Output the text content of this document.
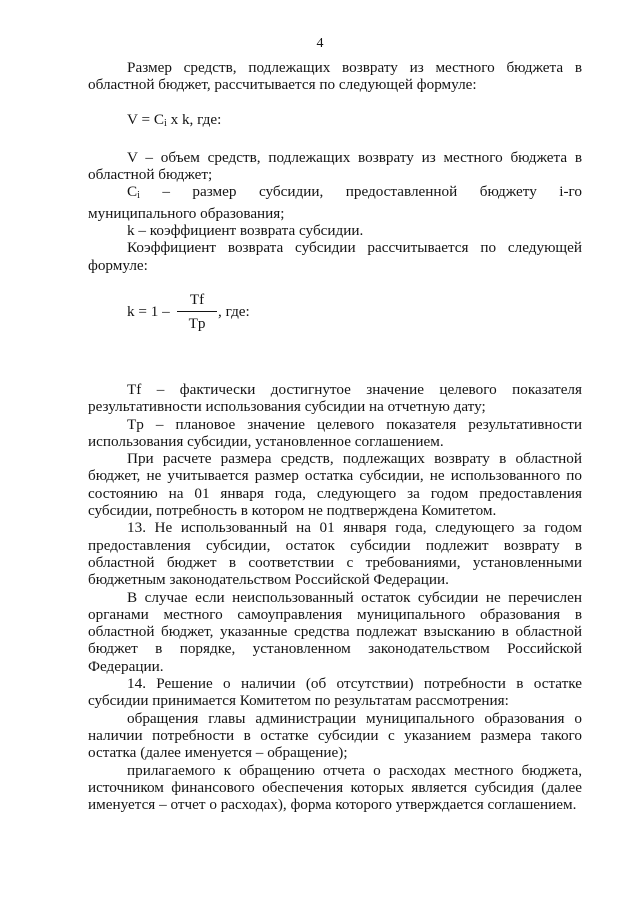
4

Размер средств, подлежащих возврату из местного бюджета в областной бюджет, рассчитывается по следующей формуле:

$V = C_i$ x k, где:

V – объем средств, подлежащих возврату из местного бюджета в областной бюджет;

$C_i$ – размер субсидии, предоставленной бюджету i-го муниципального образования;

k – коэффициент возврата субсидии.

Коэффициент возврата субсидии рассчитывается по следующей формуле:

k = 1 –
Tf
Tp
, где:

Tf – фактически достигнутое значение целевого показателя результативности использования субсидии на отчетную дату;

Tp – плановое значение целевого показателя результативности использования субсидии, установленное соглашением.

При расчете размера средств, подлежащих возврату в областной бюджет, не учитывается размер остатка субсидии, не использованного по состоянию на 01 января года, следующего за годом предоставления субсидии, потребность в котором не подтверждена Комитетом.

13. Не использованный на 01 января года, следующего за годом предоставления субсидии, остаток субсидии подлежит возврату в областной бюджет в соответствии с требованиями, установленными бюджетным законодательством Российской Федерации.

В случае если неиспользованный остаток субсидии не перечислен органами местного самоуправления муниципального образования в областной бюджет, указанные средства подлежат взысканию в областной бюджет в порядке, установленном законодательством Российской Федерации.

14. Решение о наличии (об отсутствии) потребности в остатке субсидии принимается Комитетом по результатам рассмотрения:

обращения главы администрации муниципального образования о наличии потребности в остатке субсидии с указанием размера такого остатка (далее именуется – обращение);

прилагаемого к обращению отчета о расходах местного бюджета, источником финансового обеспечения которых является субсидия (далее именуется – отчет о расходах), форма которого утверждается соглашением.
